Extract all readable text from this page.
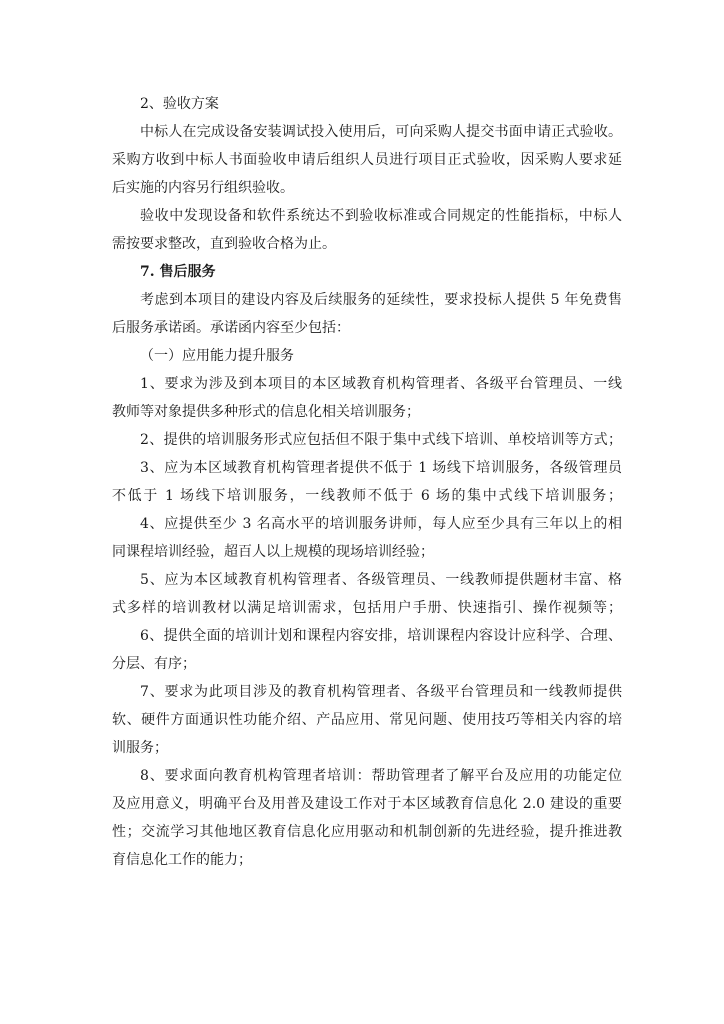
2、验收方案
中标人在完成设备安装调试投入使用后，可向采购人提交书面申请正式验收。
采购方收到中标人书面验收申请后组织人员进行项目正式验收，因采购人要求延
后实施的内容另行组织验收。
验收中发现设备和软件系统达不到验收标准或合同规定的性能指标，中标人
需按要求整改，直到验收合格为止。
7. 售后服务
考虑到本项目的建设内容及后续服务的延续性，要求投标人提供 5 年免费售
后服务承诺函。承诺函内容至少包括：
（一）应用能力提升服务
1、要求为涉及到本项目的本区域教育机构管理者、各级平台管理员、一线
教师等对象提供多种形式的信息化相关培训服务；
2、提供的培训服务形式应包括但不限于集中式线下培训、单校培训等方式；
3、应为本区域教育机构管理者提供不低于 1 场线下培训服务，各级管理员
不低于 1 场线下培训服务，一线教师不低于 6 场的集中式线下培训服务；
4、应提供至少 3 名高水平的培训服务讲师，每人应至少具有三年以上的相
同课程培训经验，超百人以上规模的现场培训经验；
5、应为本区域教育机构管理者、各级管理员、一线教师提供题材丰富、格
式多样的培训教材以满足培训需求，包括用户手册、快速指引、操作视频等；
6、提供全面的培训计划和课程内容安排，培训课程内容设计应科学、合理、
分层、有序；
7、要求为此项目涉及的教育机构管理者、各级平台管理员和一线教师提供
软、硬件方面通识性功能介绍、产品应用、常见问题、使用技巧等相关内容的培
训服务；
8、要求面向教育机构管理者培训：帮助管理者了解平台及应用的功能定位
及应用意义，明确平台及用普及建设工作对于本区域教育信息化 2.0 建设的重要
性；交流学习其他地区教育信息化应用驱动和机制创新的先进经验，提升推进教
育信息化工作的能力；
